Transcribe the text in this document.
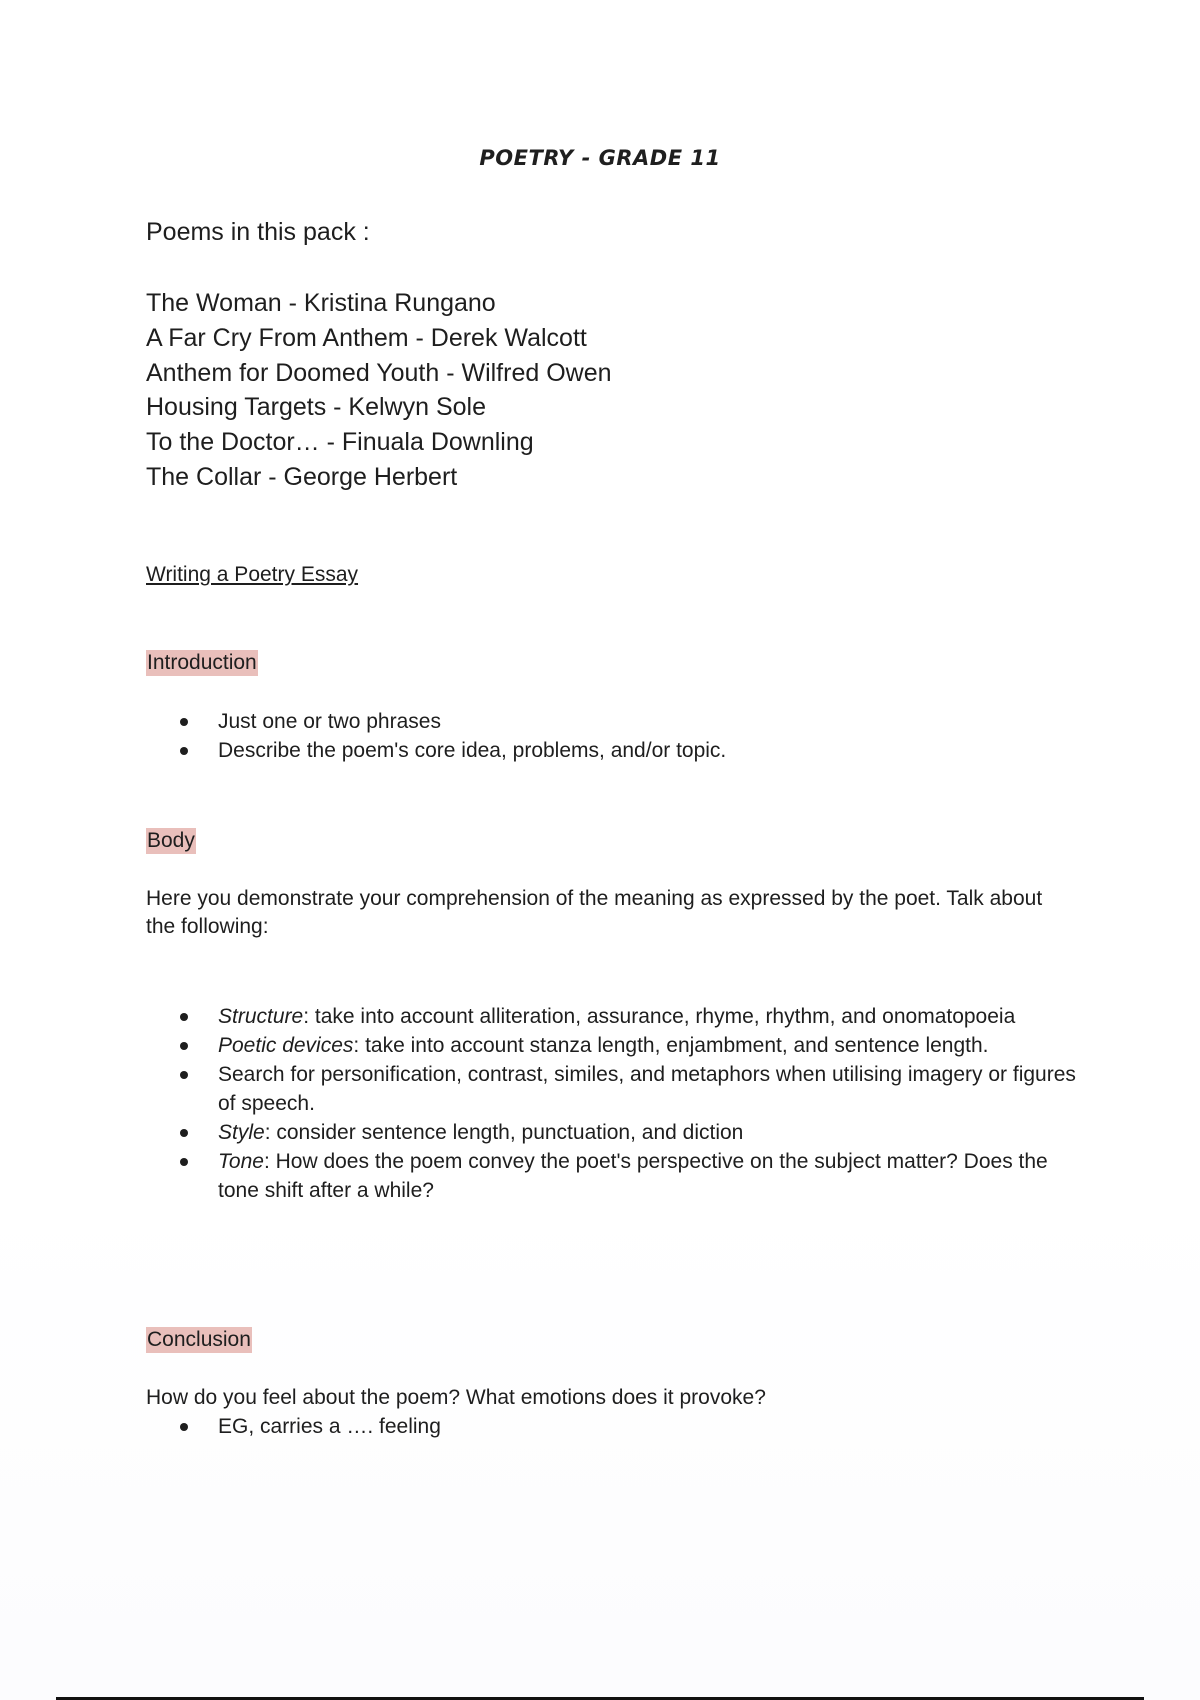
POETRY - GRADE 11
Poems in this pack :
The Woman - Kristina Rungano
A Far Cry From Anthem - Derek Walcott
Anthem for Doomed Youth - Wilfred Owen
Housing Targets - Kelwyn Sole
To the Doctor… - Finuala Downling
The Collar - George Herbert
Writing a Poetry Essay
Introduction
Just one or two phrases
Describe the poem's core idea, problems, and/or topic.
Body
Here you demonstrate your comprehension of the meaning as expressed by the poet. Talk about the following:
Structure: take into account alliteration, assurance, rhyme, rhythm, and onomatopoeia
Poetic devices: take into account stanza length, enjambment, and sentence length.
Search for personification, contrast, similes, and metaphors when utilising imagery or figures of speech.
Style: consider sentence length, punctuation, and diction
Tone: How does the poem convey the poet's perspective on the subject matter? Does the tone shift after a while?
Conclusion
How do you feel about the poem? What emotions does it provoke?
EG, carries a …. feeling
